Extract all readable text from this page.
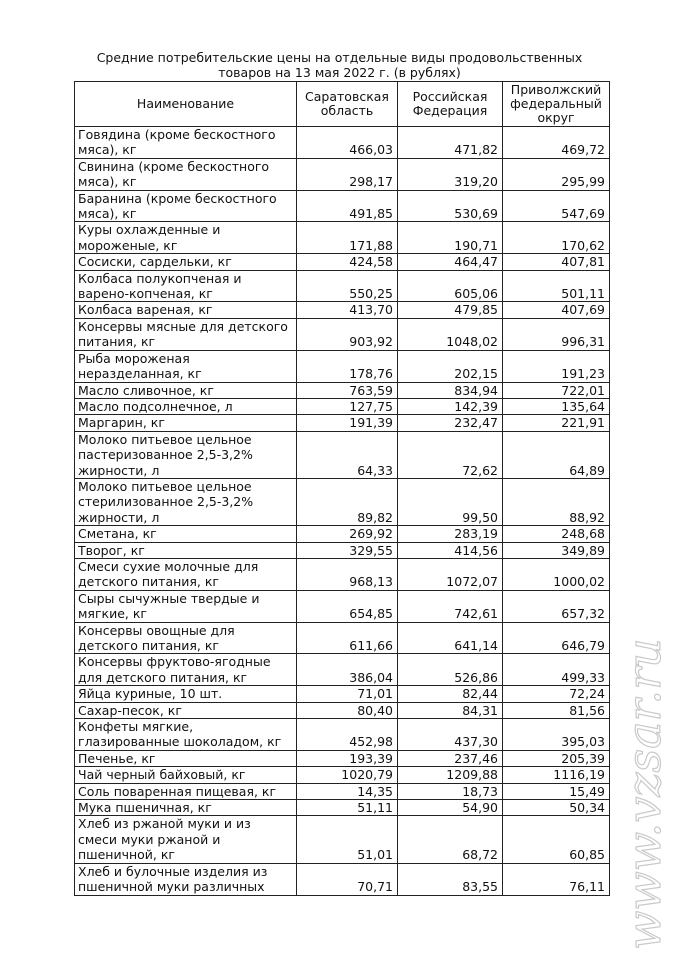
Средние потребительские цены на отдельные виды продовольственных
товаров на 13 мая 2022 г. (в рублях)
Наименование	Саратовская область	Российская Федерация	Приволжский федеральный округ
Говядина (кроме бескостного мяса), кг	466,03	471,82	469,72
Свинина (кроме бескостного мяса), кг	298,17	319,20	295,99
Баранина (кроме бескостного мяса), кг	491,85	530,69	547,69
Куры охлажденные и мороженые, кг	171,88	190,71	170,62
Сосиски, сардельки, кг	424,58	464,47	407,81
Колбаса полукопченая и варено-копченая, кг	550,25	605,06	501,11
Колбаса вареная, кг	413,70	479,85	407,69
Консервы мясные для детского питания, кг	903,92	1048,02	996,31
Рыба мороженая неразделанная, кг	178,76	202,15	191,23
Масло сливочное, кг	763,59	834,94	722,01
Масло подсолнечное, л	127,75	142,39	135,64
Маргарин, кг	191,39	232,47	221,91
Молоко питьевое цельное пастеризованное 2,5-3,2% жирности, л	64,33	72,62	64,89
Молоко питьевое цельное стерилизованное 2,5-3,2% жирности, л	89,82	99,50	88,92
Сметана, кг	269,92	283,19	248,68
Творог, кг	329,55	414,56	349,89
Смеси сухие молочные для детского питания, кг	968,13	1072,07	1000,02
Сыры сычужные твердые и мягкие, кг	654,85	742,61	657,32
Консервы овощные для детского питания, кг	611,66	641,14	646,79
Консервы фруктово-ягодные для детского питания, кг	386,04	526,86	499,33
Яйца куриные, 10 шт.	71,01	82,44	72,24
Сахар-песок, кг	80,40	84,31	81,56
Конфеты мягкие, глазированные шоколадом, кг	452,98	437,30	395,03
Печенье, кг	193,39	237,46	205,39
Чай черный байховый, кг	1020,79	1209,88	1116,19
Соль поваренная пищевая, кг	14,35	18,73	15,49
Мука пшеничная, кг	51,11	54,90	50,34
Хлеб из ржаной муки и из смеси муки ржаной и пшеничной, кг	51,01	68,72	60,85
Хлеб и булочные изделия из пшеничной муки различных	70,71	83,55	76,11 www.vzsar.ru
